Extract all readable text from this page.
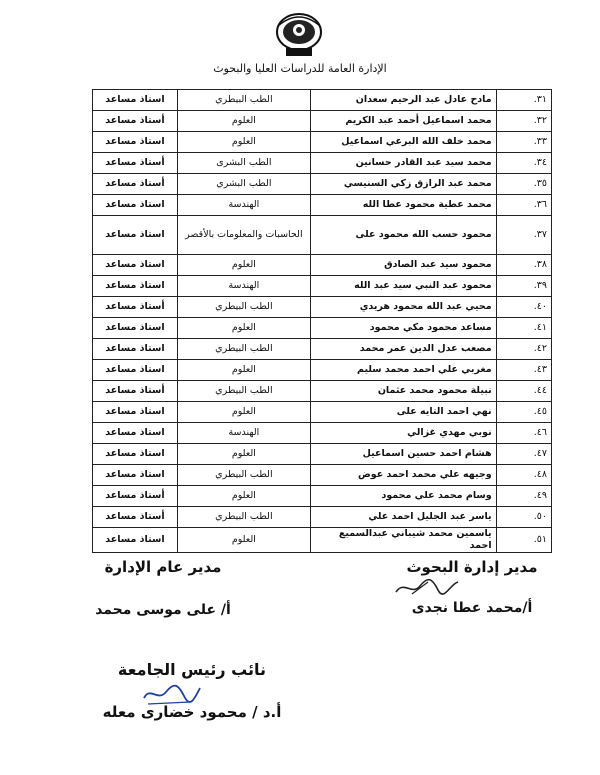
الإدارة العامة للدراسات العليا والبحوث
٣١.	مادح عادل عبد الرحيم سعدان	الطب البيطري	استاذ مساعد
٣٢.	محمد اسماعيل أحمد عبد الكريم	العلوم	أستاذ مساعد
٣٣.	محمد خلف الله البرعي اسماعيل	العلوم	استاذ مساعد
٣٤.	محمد سيد عبد القادر حسانين	الطب البشرى	أستاذ مساعد
٣٥.	محمد عبد الرازق زكي السنيسي	الطب البشري	أستاذ مساعد
٣٦.	محمد عطية محمود عطا الله	الهندسة	استاذ مساعد
٣٧.	محمود حسب الله محمود على	الحاسبات والمعلومات بالأقصر	استاذ مساعد
٣٨.	محمود سيد عبد الصادق	العلوم	استاذ مساعد
٣٩.	محمود عبد النبي سيد عبد الله	الهندسة	استاذ مساعد
٤٠.	محيي عبد الله محمود هريدي	الطب البيطري	أستاذ مساعد
٤١.	مساعد محمود مكي محمود	العلوم	استاذ مساعد
٤٢.	مصعب عدل الدين عمر محمد	الطب البيطري	استاذ مساعد
٤٣.	مغربي علي احمد محمد سليم	العلوم	استاذ مساعد
٤٤.	نبيلة محمود محمد عثمان	الطب البيطري	أستاذ مساعد
٤٥.	نهي احمد التايه على	العلوم	استاذ مساعد
٤٦.	نوبي مهدي غزالي	الهندسة	استاذ مساعد
٤٧.	هشام احمد حسين اسماعيل	العلوم	استاذ مساعد
٤٨.	وجيهه علي محمد احمد عوض	الطب البيطري	استاذ مساعد
٤٩.	وسام محمد علي محمود	العلوم	أستاذ مساعد
٥٠.	ياسر عبد الجليل احمد علي	الطب البيطري	أستاذ مساعد
٥١.	ياسمين محمد شيباني عبدالسميع احمد	العلوم	استاذ مساعد
مدير إدارة البحوث
أ/محمد عطا نجدى
مدير عام الإدارة
أ/ على موسى محمد
نائب رئيس الجامعة
أ.د / محمود خضارى معله
